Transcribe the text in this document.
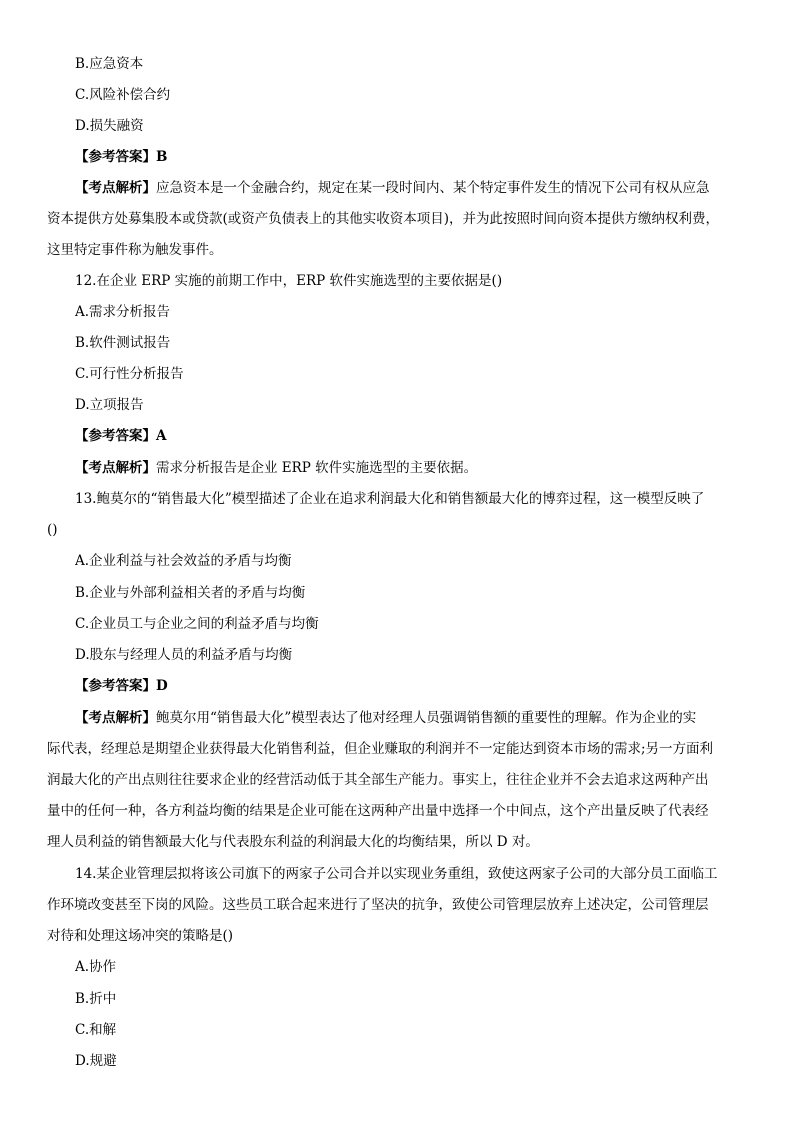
B.应急资本
C.风险补偿合约
D.损失融资
【参考答案】B
【考点解析】应急资本是一个金融合约，规定在某一段时间内、某个特定事件发生的情况下公司有权从应急
资本提供方处募集股本或贷款(或资产负债表上的其他实收资本项目)，并为此按照时间向资本提供方缴纳权利费，
这里特定事件称为触发事件。
12.在企业 ERP 实施的前期工作中，ERP 软件实施选型的主要依据是()
A.需求分析报告
B.软件测试报告
C.可行性分析报告
D.立项报告
【参考答案】A
【考点解析】需求分析报告是企业 ERP 软件实施选型的主要依据。
13.鲍莫尔的“销售最大化”模型描述了企业在追求利润最大化和销售额最大化的博弈过程，这一模型反映了
()
A.企业利益与社会效益的矛盾与均衡
B.企业与外部利益相关者的矛盾与均衡
C.企业员工与企业之间的利益矛盾与均衡
D.股东与经理人员的利益矛盾与均衡
【参考答案】D
【考点解析】鲍莫尔用“销售最大化”模型表达了他对经理人员强调销售额的重要性的理解。作为企业的实
际代表，经理总是期望企业获得最大化销售利益，但企业赚取的利润并不一定能达到资本市场的需求;另一方面利
润最大化的产出点则往往要求企业的经营活动低于其全部生产能力。事实上，往往企业并不会去追求这两种产出
量中的任何一种，各方利益均衡的结果是企业可能在这两种产出量中选择一个中间点，这个产出量反映了代表经
理人员利益的销售额最大化与代表股东利益的利润最大化的均衡结果，所以 D 对。
14.某企业管理层拟将该公司旗下的两家子公司合并以实现业务重组，致使这两家子公司的大部分员工面临工
作环境改变甚至下岗的风险。这些员工联合起来进行了坚决的抗争，致使公司管理层放弃上述决定，公司管理层
对待和处理这场冲突的策略是()
A.协作
B.折中
C.和解
D.规避
